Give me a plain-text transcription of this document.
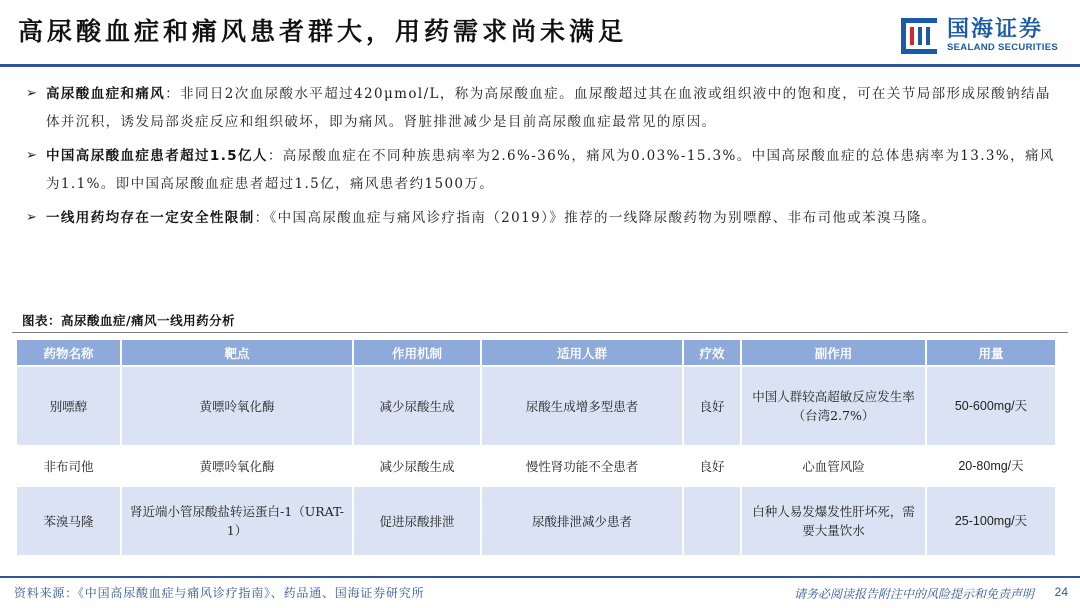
高尿酸血症和痛风患者群大，用药需求尚未满足	国海证券
SEALAND SECURITIES
➢ 高尿酸血症和痛风：非同日2次血尿酸水平超过420μmol/L，称为高尿酸血症。血尿酸超过其在血液或组织液中的饱和度，可在关节局部形成尿酸钠结晶体并沉积，诱发局部炎症反应和组织破坏，即为痛风。肾脏排泄减少是目前高尿酸血症最常见的原因。
➢ 中国高尿酸血症患者超过1.5亿人：高尿酸血症在不同种族患病率为2.6%-36%，痛风为0.03%-15.3%。中国高尿酸血症的总体患病率为13.3%，痛风为1.1%。即中国高尿酸血症患者超过1.5亿，痛风患者约1500万。
➢ 一线用药均存在一定安全性限制：《中国高尿酸血症与痛风诊疗指南（2019）》推荐的一线降尿酸药物为别嘌醇、非布司他或苯溴马隆。
图表：高尿酸血症/痛风一线用药分析
药物名称	靶点	作用机制	适用人群	疗效	副作用	用量
别嘌醇	黄嘌呤氧化酶	减少尿酸生成	尿酸生成增多型患者	良好	中国人群较高超敏反应发生率（台湾2.7%）	50-600mg/天
非布司他	黄嘌呤氧化酶	减少尿酸生成	慢性肾功能不全患者	良好	心血管风险	20-80mg/天
苯溴马隆	肾近端小管尿酸盐转运蛋白-1（URAT-1）	促进尿酸排泄	尿酸排泄减少患者		白种人易发爆发性肝坏死，需要大量饮水	25-100mg/天
资料来源：《中国高尿酸血症与痛风诊疗指南》、药品通、国海证券研究所	请务必阅读报告附注中的风险提示和免责声明 24
